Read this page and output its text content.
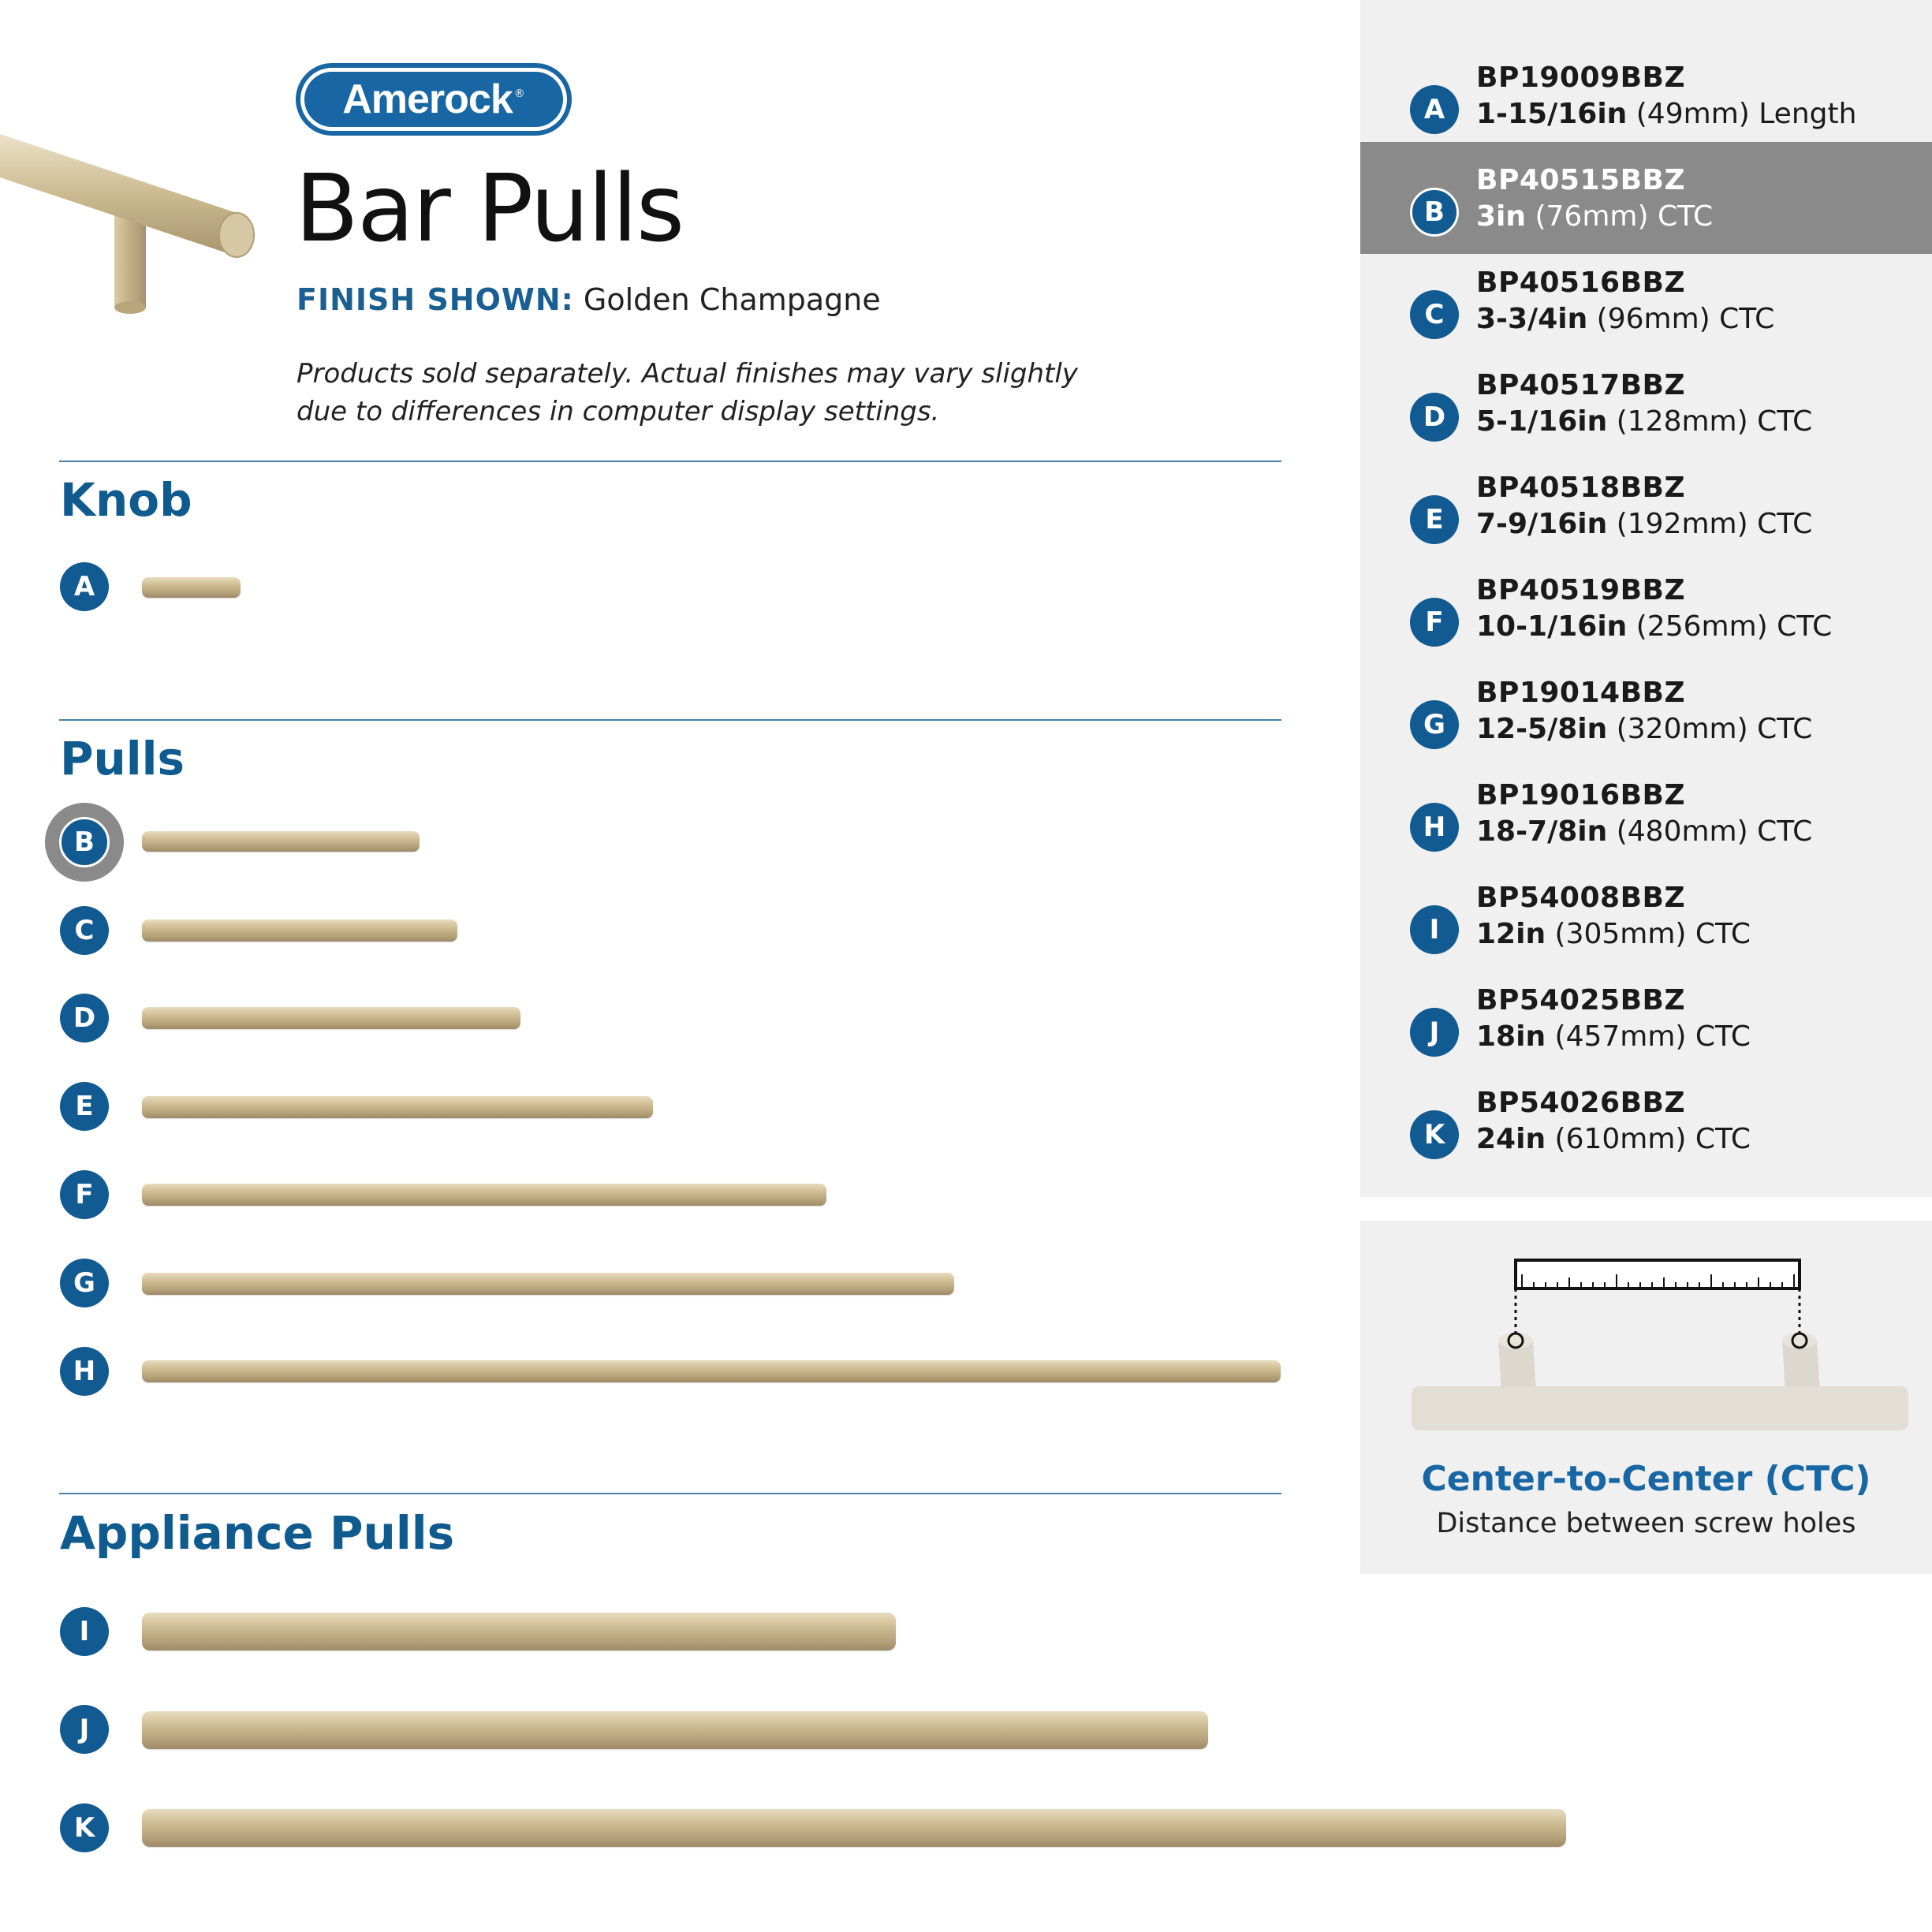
Amerock ®
Bar Pulls
FINISH SHOWN: Golden Champagne
Products sold separately. Actual finishes may vary slightly
due to differences in computer display settings.
Knob
A
Pulls
B
C
D
E
F
G
H
Appliance Pulls
I
J
K
A
BP19009BBZ
1-15/16in (49mm) Length
B
BP40515BBZ
3in (76mm) CTC
C
BP40516BBZ
3-3/4in (96mm) CTC
D
BP40517BBZ
5-1/16in (128mm) CTC
E
BP40518BBZ
7-9/16in (192mm) CTC
F
BP40519BBZ
10-1/16in (256mm) CTC
G
BP19014BBZ
12-5/8in (320mm) CTC
H
BP19016BBZ
18-7/8in (480mm) CTC
I
BP54008BBZ
12in (305mm) CTC
J
BP54025BBZ
18in (457mm) CTC
K
BP54026BBZ
24in (610mm) CTC
Center-to-Center (CTC)
Distance between screw holes
